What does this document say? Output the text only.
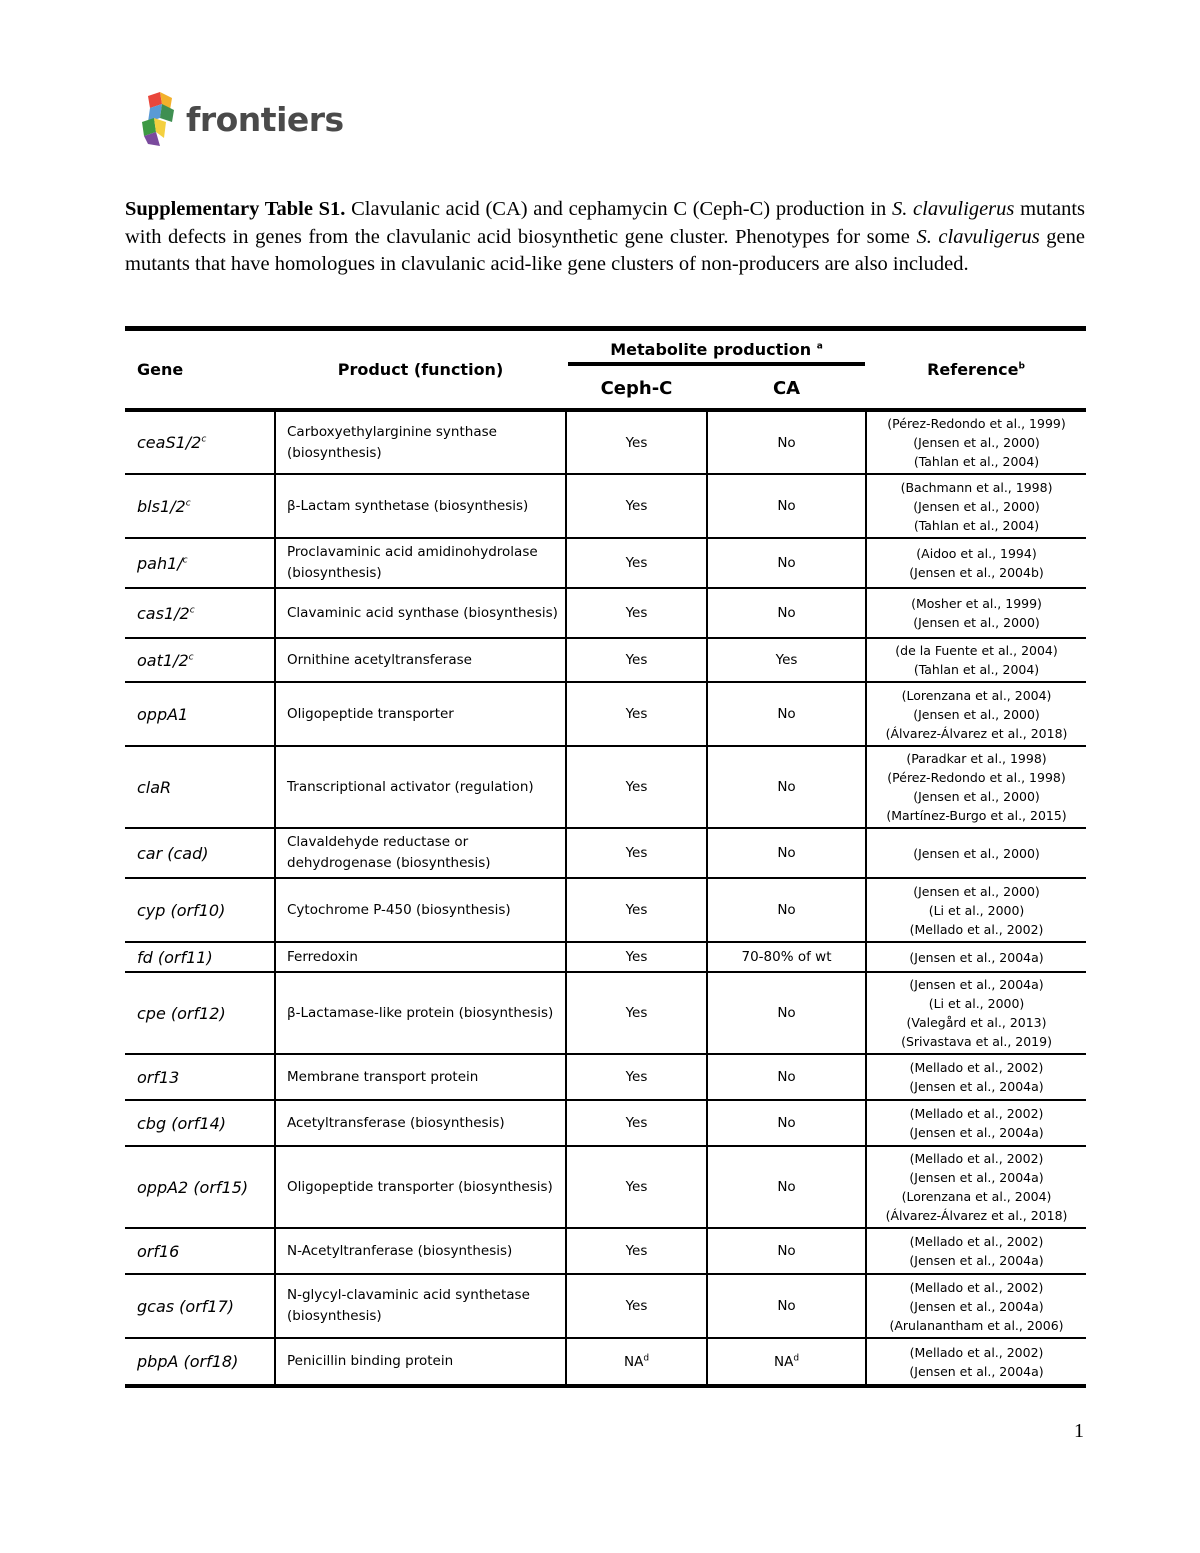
frontiers
Supplementary Table S1. Clavulanic acid (CA) and cephamycin C (Ceph-C) production in S. clavuligerus mutants with defects in genes from the clavulanic acid biosynthetic gene cluster. Phenotypes for some S. clavuligerus gene mutants that have homologues in clavulanic acid-like gene clusters of non-producers are also included.
Gene	Product (function)	Metabolite production $^a$		Reference$^b$
		Ceph-C	CA	
ceaS1/2$^c$	Carboxyethylarginine synthase (biosynthesis)	Yes	No	(Pérez-Redondo et al., 1999)
(Jensen et al., 2000)
(Tahlan et al., 2004)

bls1/2$^c$	β-Lactam synthetase (biosynthesis)	Yes	No	(Bachmann et al., 1998)
(Jensen et al., 2000)
(Tahlan et al., 2004)

pah1/$^c$	Proclavaminic acid amidinohydrolase (biosynthesis)	Yes	No	(Aidoo et al., 1994)
(Jensen et al., 2004b)

cas1/2$^c$	Clavaminic acid synthase (biosynthesis)	Yes	No	(Mosher et al., 1999)
(Jensen et al., 2000)

oat1/2$^c$	Ornithine acetyltransferase	Yes	Yes	(de la Fuente et al., 2004)
(Tahlan et al., 2004)

oppA1	Oligopeptide transporter	Yes	No	(Lorenzana et al., 2004)
(Jensen et al., 2000)
(Álvarez-Álvarez et al., 2018)

claR	Transcriptional activator (regulation)	Yes	No	(Paradkar et al., 1998)
(Pérez-Redondo et al., 1998)
(Jensen et al., 2000)
(Martínez-Burgo et al., 2015)

car (cad)	Clavaldehyde reductase or dehydrogenase (biosynthesis)	Yes	No	(Jensen et al., 2000)

cyp (orf10)	Cytochrome P-450 (biosynthesis)	Yes	No	(Jensen et al., 2000)
(Li et al., 2000)
(Mellado et al., 2002)

fd (orf11)	Ferredoxin	Yes	70-80% of wt	(Jensen et al., 2004a)

cpe (orf12)	β-Lactamase-like protein (biosynthesis)	Yes	No	(Jensen et al., 2004a)
(Li et al., 2000)
(Valegård et al., 2013)
(Srivastava et al., 2019)

orf13	Membrane transport protein	Yes	No	(Mellado et al., 2002)
(Jensen et al., 2004a)

cbg (orf14)	Acetyltransferase (biosynthesis)	Yes	No	(Mellado et al., 2002)
(Jensen et al., 2004a)

oppA2 (orf15)	Oligopeptide transporter (biosynthesis)	Yes	No	(Mellado et al., 2002)
(Jensen et al., 2004a)
(Lorenzana et al., 2004)
(Álvarez-Álvarez et al., 2018)

orf16	N-Acetyltranferase (biosynthesis)	Yes	No	(Mellado et al., 2002)
(Jensen et al., 2004a)

gcas (orf17)	N-glycyl-clavaminic acid synthetase (biosynthesis)	Yes	No	(Mellado et al., 2002)
(Jensen et al., 2004a)
(Arulanantham et al., 2006)

pbpA (orf18)	Penicillin binding protein	$NA^d$	$NA^d$	(Mellado et al., 2002)
(Jensen et al., 2004a)
1
